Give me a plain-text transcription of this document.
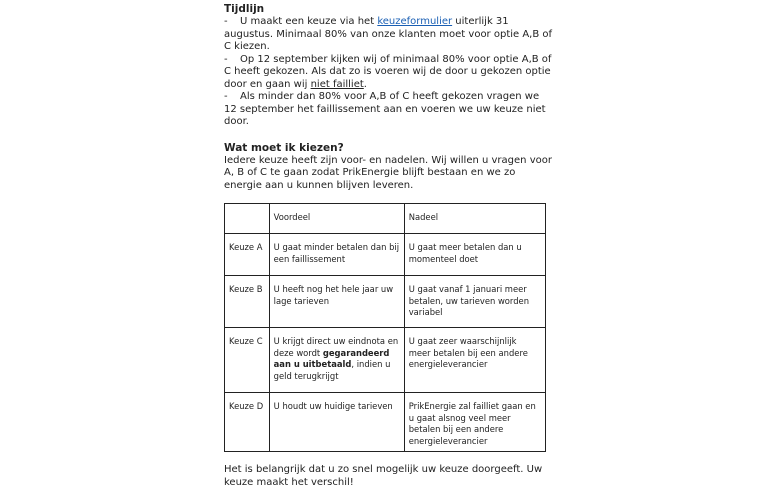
Tijdlijn

- U maakt een keuze via het keuzeformulier uiterlijk 31 augustus. Minimaal 80% van onze klanten moet voor optie A,B of C kiezen.

- Op 12 september kijken wij of minimaal 80% voor optie A,B of C heeft gekozen. Als dat zo is voeren wij de door u gekozen optie door en gaan wij niet failliet.

- Als minder dan 80% voor A,B of C heeft gekozen vragen we 12 september het faillissement aan en voeren we uw keuze niet door.

Wat moet ik kiezen?

Iedere keuze heeft zijn voor- en nadelen. Wij willen u vragen voor A, B of C te gaan zodat PrikEnergie blijft bestaan en we zo energie aan u kunnen blijven leveren.

	Voordeel	Nadeel
Keuze A	U gaat minder betalen dan bij een faillissement	U gaat meer betalen dan u momenteel doet
Keuze B	U heeft nog het hele jaar uw lage tarieven	U gaat vanaf 1 januari meer betalen, uw tarieven worden variabel
Keuze C	U krijgt direct uw eindnota en deze wordt gegarandeerd aan u uitbetaald, indien u geld terugkrijgt	U gaat zeer waarschijnlijk meer betalen bij een andere energieleverancier
Keuze D	U houdt uw huidige tarieven	PrikEnergie zal failliet gaan en u gaat alsnog veel meer betalen bij een andere energieleverancier

Het is belangrijk dat u zo snel mogelijk uw keuze doorgeeft. Uw keuze maakt het verschil!
